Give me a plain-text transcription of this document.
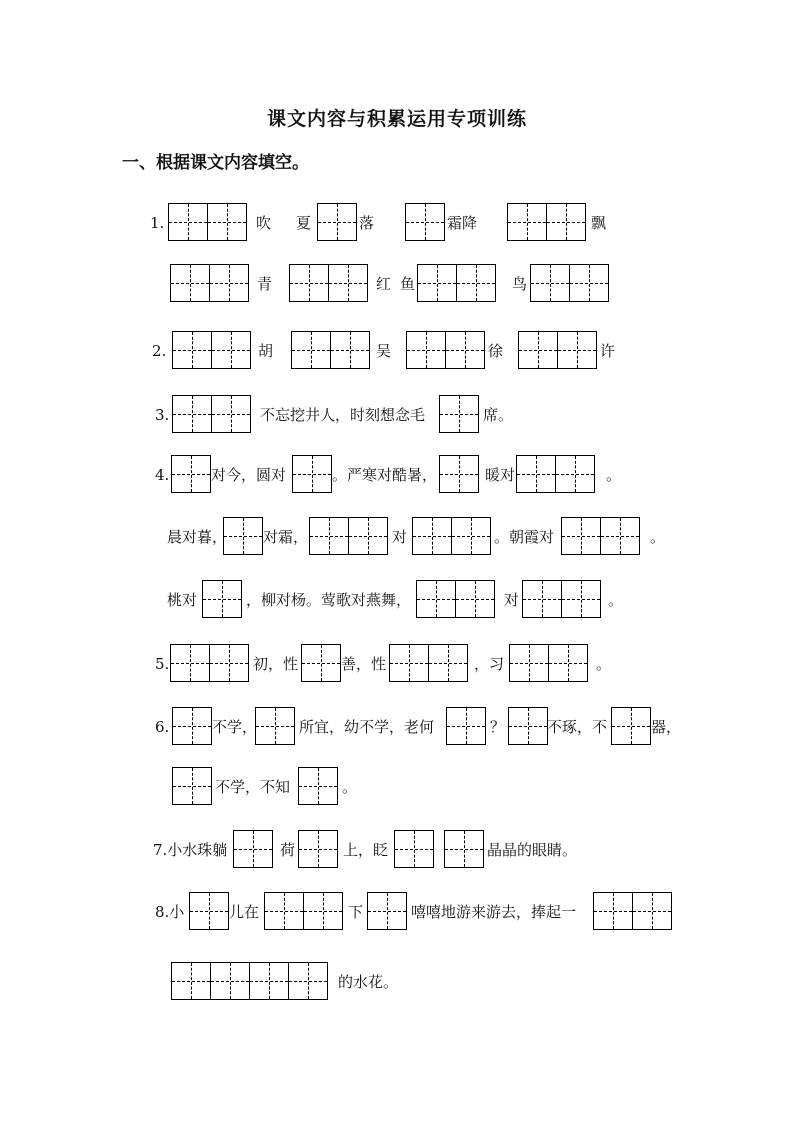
课文内容与积累运用专项训练
一、根据课文内容填空。
1.	吹 夏	落	霜降	飘
青	红 鱼	鸟
2.	胡	吴	徐	许
3.	不忘挖井人，时刻想念毛	席。
4.	对今，圆对	。严寒对酷暑，	暖对	。
晨对暮， 对霜，	对	。朝霞对	。
桃对	，柳对杨。莺歌对燕舞，	对	。
5.	初，性	善，性	，习	。
6.	不学，	所宜，幼不学，老何	？	不琢，不	器，
不学，不知	。
7.小水珠躺	荷	上，眨	晶晶的眼睛。
8.小	儿在	下	嘻嘻地游来游去，捧起一
的水花。
